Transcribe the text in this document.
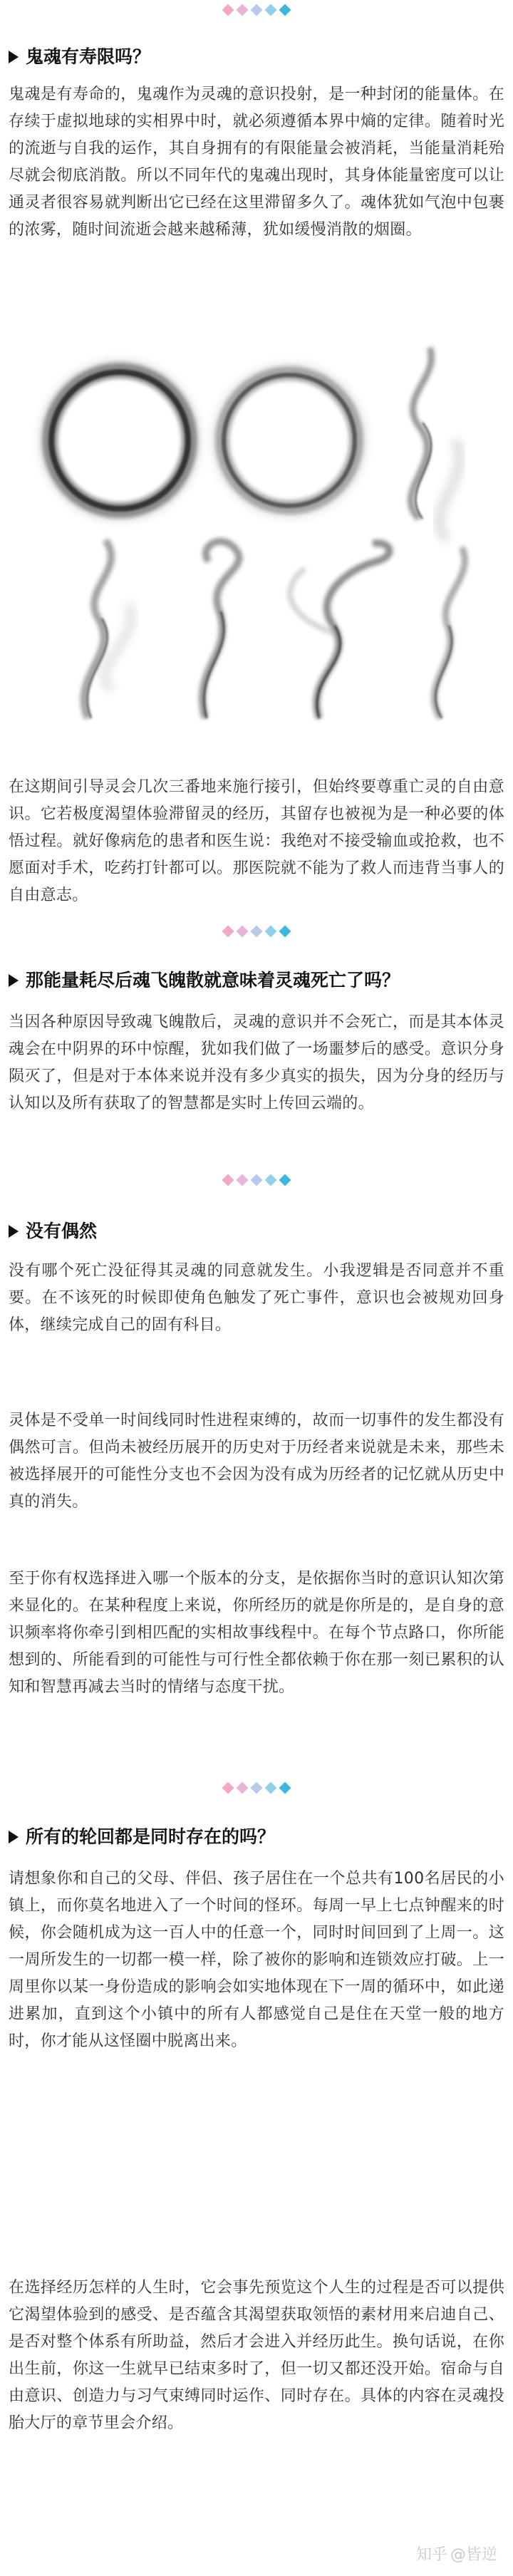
鬼魂有寿限吗？
鬼魂是有寿命的，鬼魂作为灵魂的意识投射，是一种封闭的能量体。在存续于虚拟地球的实相界中时，就必须遵循本界中熵的定律。随着时光的流逝与自我的运作，其自身拥有的有限能量会被消耗，当能量消耗殆尽就会彻底消散。所以不同年代的鬼魂出现时，其身体能量密度可以让通灵者很容易就判断出它已经在这里滞留多久了。魂体犹如气泡中包裹的浓雾，随时间流逝会越来越稀薄，犹如缓慢消散的烟圈。
在这期间引导灵会几次三番地来施行接引，但始终要尊重亡灵的自由意识。它若极度渴望体验滞留灵的经历，其留存也被视为是一种必要的体悟过程。就好像病危的患者和医生说：我绝对不接受输血或抢救，也不愿面对手术，吃药打针都可以。那医院就不能为了救人而违背当事人的自由意志。
那能量耗尽后魂飞魄散就意味着灵魂死亡了吗？
当因各种原因导致魂飞魄散后，灵魂的意识并不会死亡，而是其本体灵魂会在中阴界的环中惊醒，犹如我们做了一场噩梦后的感受。意识分身陨灭了，但是对于本体来说并没有多少真实的损失，因为分身的经历与认知以及所有获取了的智慧都是实时上传回云端的。
没有偶然
没有哪个死亡没征得其灵魂的同意就发生。小我逻辑是否同意并不重要。在不该死的时候即使角色触发了死亡事件，意识也会被规劝回身体，继续完成自己的固有科目。
灵体是不受单一时间线同时性进程束缚的，故而一切事件的发生都没有偶然可言。但尚未被经历展开的历史对于历经者来说就是未来，那些未被选择展开的可能性分支也不会因为没有成为历经者的记忆就从历史中真的消失。
至于你有权选择进入哪一个版本的分支，是依据你当时的意识认知次第来显化的。在某种程度上来说，你所经历的就是你所是的，是自身的意识频率将你牵引到相匹配的实相故事线程中。在每个节点路口，你所能想到的、所能看到的可能性与可行性全都依赖于你在那一刻已累积的认知和智慧再减去当时的情绪与态度干扰。
所有的轮回都是同时存在的吗？
请想象你和自己的父母、伴侣、孩子居住在一个总共有100名居民的小镇上，而你莫名地进入了一个时间的怪环。每周一早上七点钟醒来的时候，你会随机成为这一百人中的任意一个，同时时间回到了上周一。这一周所发生的一切都一模一样，除了被你的影响和连锁效应打破。上一周里你以某一身份造成的影响会如实地体现在下一周的循环中，如此递进累加，直到这个小镇中的所有人都感觉自己是住在天堂一般的地方时，你才能从这怪圈中脱离出来。
在选择经历怎样的人生时，它会事先预览这个人生的过程是否可以提供它渴望体验到的感受、是否蕴含其渴望获取领悟的素材用来启迪自己、是否对整个体系有所助益，然后才会进入并经历此生。换句话说，在你出生前，你这一生就早已结束多时了，但一切又都还没开始。宿命与自由意识、创造力与习气束缚同时运作、同时存在。具体的内容在灵魂投胎大厅的章节里会介绍。
知乎 @皆逆
